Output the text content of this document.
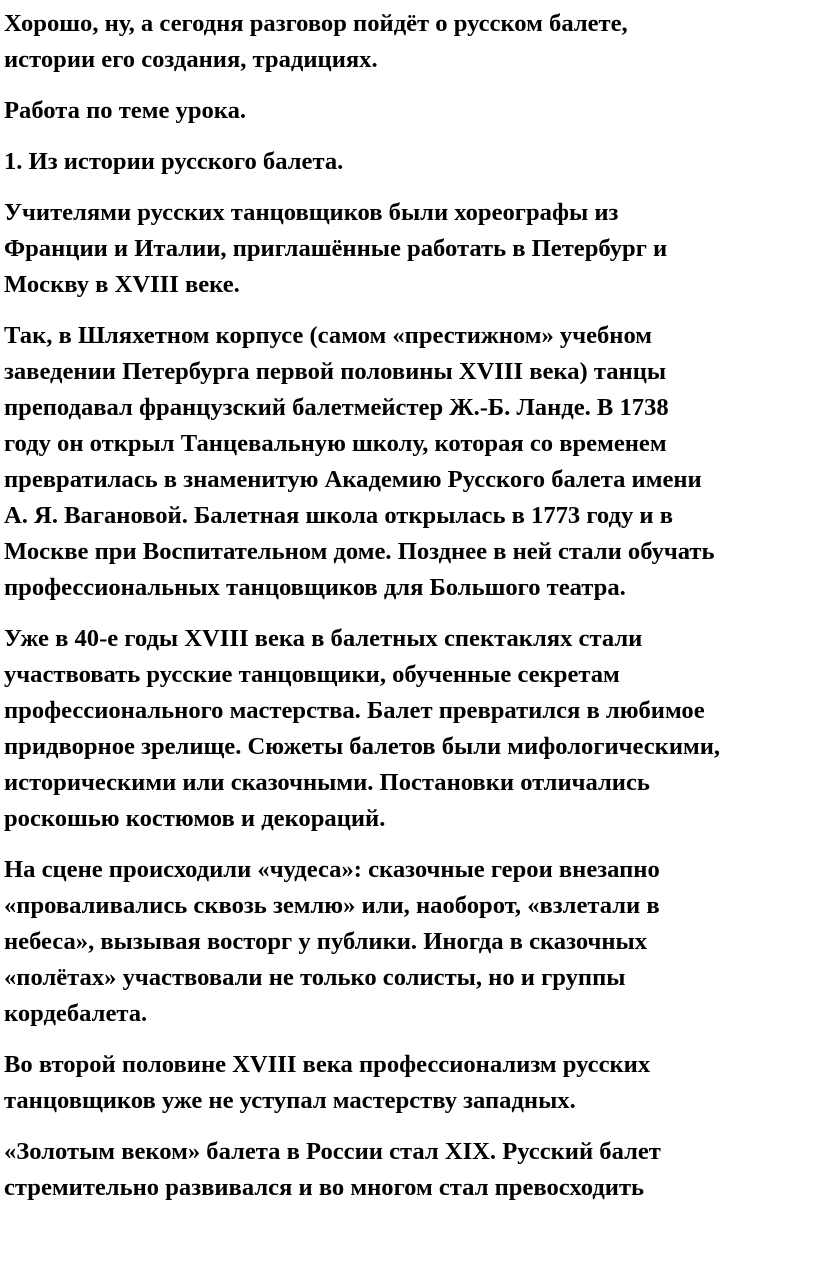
Хорошо, ну, а сегодня разговор пойдёт о русском балете,
истории его создания, традициях.
Работа по теме урока.
1. Из истории русского балета.
Учителями русских танцовщиков были хореографы из
Франции и Италии, приглашённые работать в Петербург и
Москву в XVIII веке.
Так, в Шляхетном корпусе (самом «престижном» учебном
заведении Петербурга первой половины XVIII века) танцы
преподавал французский балетмейстер Ж.-Б. Ланде. В 1738
году он открыл Танцевальную школу, которая со временем
превратилась в знаменитую Академию Русского балета имени
А. Я. Вагановой. Балетная школа открылась в 1773 году и в
Москве при Воспитательном доме. Позднее в ней стали обучать
профессиональных танцовщиков для Большого театра.
Уже в 40-е годы XVIII века в балетных спектаклях стали
участвовать русские танцовщики, обученные секретам
профессионального мастерства. Балет превратился в любимое
придворное зрелище. Сюжеты балетов были мифологическими,
историческими или сказочными. Постановки отличались
роскошью костюмов и декораций.
На сцене происходили «чудеса»: сказочные герои внезапно
«проваливались сквозь землю» или, наоборот, «взлетали в
небеса», вызывая восторг у публики. Иногда в сказочных
«полётах» участвовали не только солисты, но и группы
кордебалета.
Во второй половине XVIII века профессионализм русских
танцовщиков уже не уступал мастерству западных.
«Золотым веком» балета в России стал XIX. Русский балет
стремительно развивался и во многом стал превосходить
